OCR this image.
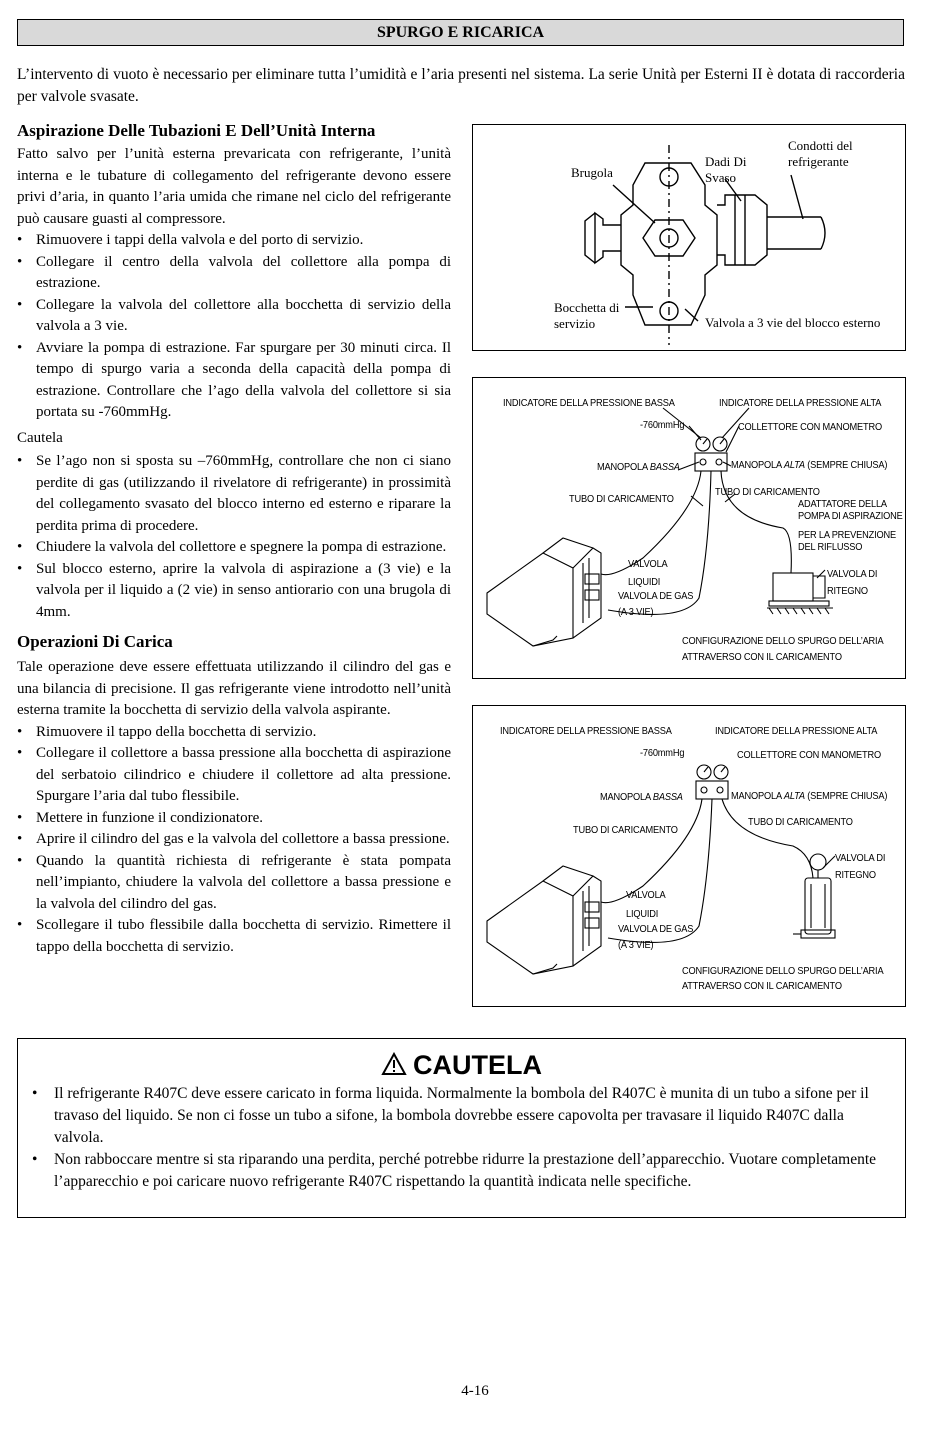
SPURGO E RICARICA
L’intervento di vuoto è necessario per eliminare tutta l’umidità e l’aria presenti nel sistema. La serie Unità per Esterni II è dotata di raccorderia per valvole svasate.
Aspirazione Delle Tubazioni E Dell’Unità Interna

Fatto salvo per l’unità esterna prevaricata con refrigerante, l’unità interna e le tubature di collegamento del refrigerante devono essere privi d’aria, in quanto l’aria umida che rimane nel ciclo del refrigerante può causare guasti al compressore.

• Rimuovere i tappi della valvola e del porto di servizio.
• Collegare il centro della valvola del collettore alla pompa di estrazione.
• Collegare la valvola del collettore alla bocchetta di servizio della valvola a 3 vie.
• Avviare la pompa di estrazione. Far spurgare per 30 minuti circa. Il tempo di spurgo varia a seconda della capacità della pompa di estrazione. Controllare che l’ago della valvola del collettore si sia portata su -760mmHg.

Cautela

• Se l’ago non si sposta su –760mmHg, controllare che non ci siano perdite di gas (utilizzando il rivelatore di refrigerante) in prossimità del collegamento svasato del blocco interno ed esterno e riparare la perdita prima di procedere.
• Chiudere la valvola del collettore e spegnere la pompa di estrazione.
• Sul blocco esterno, aprire la valvola di aspirazione a (3 vie) e la valvola per il liquido a (2 vie) in senso antiorario con una brugola di 4mm.
Operazioni Di Carica

Tale operazione deve essere effettuata utilizzando il cilindro del gas e una bilancia di precisione. Il gas refrigerante viene introdotto nell’unità esterna tramite la bocchetta di servizio della valvola aspirante.

• Rimuovere il tappo della bocchetta di servizio.
• Collegare il collettore a bassa pressione alla bocchetta di aspirazione del serbatoio cilindrico e chiudere il collettore ad alta pressione. Spurgare l’aria dal tubo flessibile.
• Mettere in funzione il condizionatore.
• Aprire il cilindro del gas e la valvola del collettore a bassa pressione.
• Quando la quantità richiesta di refrigerante è stata pompata nell’impianto, chiudere la valvola del collettore a bassa pressione e la valvola del cilindro del gas.
• Scollegare il tubo flessibile dalla bocchetta di servizio. Rimettere il tappo della bocchetta di servizio.
Brugola
Dadi Di
Svaso
Condotti del
refrigerante
Bocchetta di
servizio	Valvola a 3 vie del blocco esterno
INDICATORE DELLA PRESSIONE BASSA	INDICATORE DELLA PRESSIONE ALTA
-760mmHg	COLLETTORE CON MANOMETRO
MANOPOLA BASSA	MANOPOLA ALTA (SEMPRE CHIUSA)
TUBO DI CARICAMENTO
TUBO DI CARICAMENTO
ADATTATORE DELLA
POMPA DI ASPIRAZIONE
PER LA PREVENZIONE
DEL RIFLUSSO
VALVOLA DI
RITEGNO
VALVOLA
LIQUIDI
VALVOLA DE GAS
(A 3 VIE)
CONFIGURAZIONE DELLO SPURGO DELL’ARIA
ATTRAVERSO CON IL CARICAMENTO
INDICATORE DELLA PRESSIONE BASSA	INDICATORE DELLA PRESSIONE ALTA
-760mmHg	COLLETTORE CON MANOMETRO
MANOPOLA BASSA	MANOPOLA ALTA (SEMPRE CHIUSA)
TUBO DI CARICAMENTO
TUBO DI CARICAMENTO
VALVOLA DI
RITEGNO
VALVOLA
LIQUIDI
VALVOLA DE GAS
(A 3 VIE)
CONFIGURAZIONE DELLO SPURGO DELL’ARIA
ATTRAVERSO CON IL CARICAMENTO
CAUTELA
• Il refrigerante R407C deve essere caricato in forma liquida. Normalmente la bombola del R407C è munita di un tubo a sifone per il travaso del liquido. Se non ci fosse un tubo a sifone, la bombola dovrebbe essere capovolta per travasare il liquido R407C dalla valvola.
• Non rabboccare mentre si sta riparando una perdita, perché potrebbe ridurre la prestazione dell’apparecchio. Vuotare completamente l’apparecchio e poi caricare nuovo refrigerante R407C rispettando la quantità indicata nelle specifiche.
4-16
